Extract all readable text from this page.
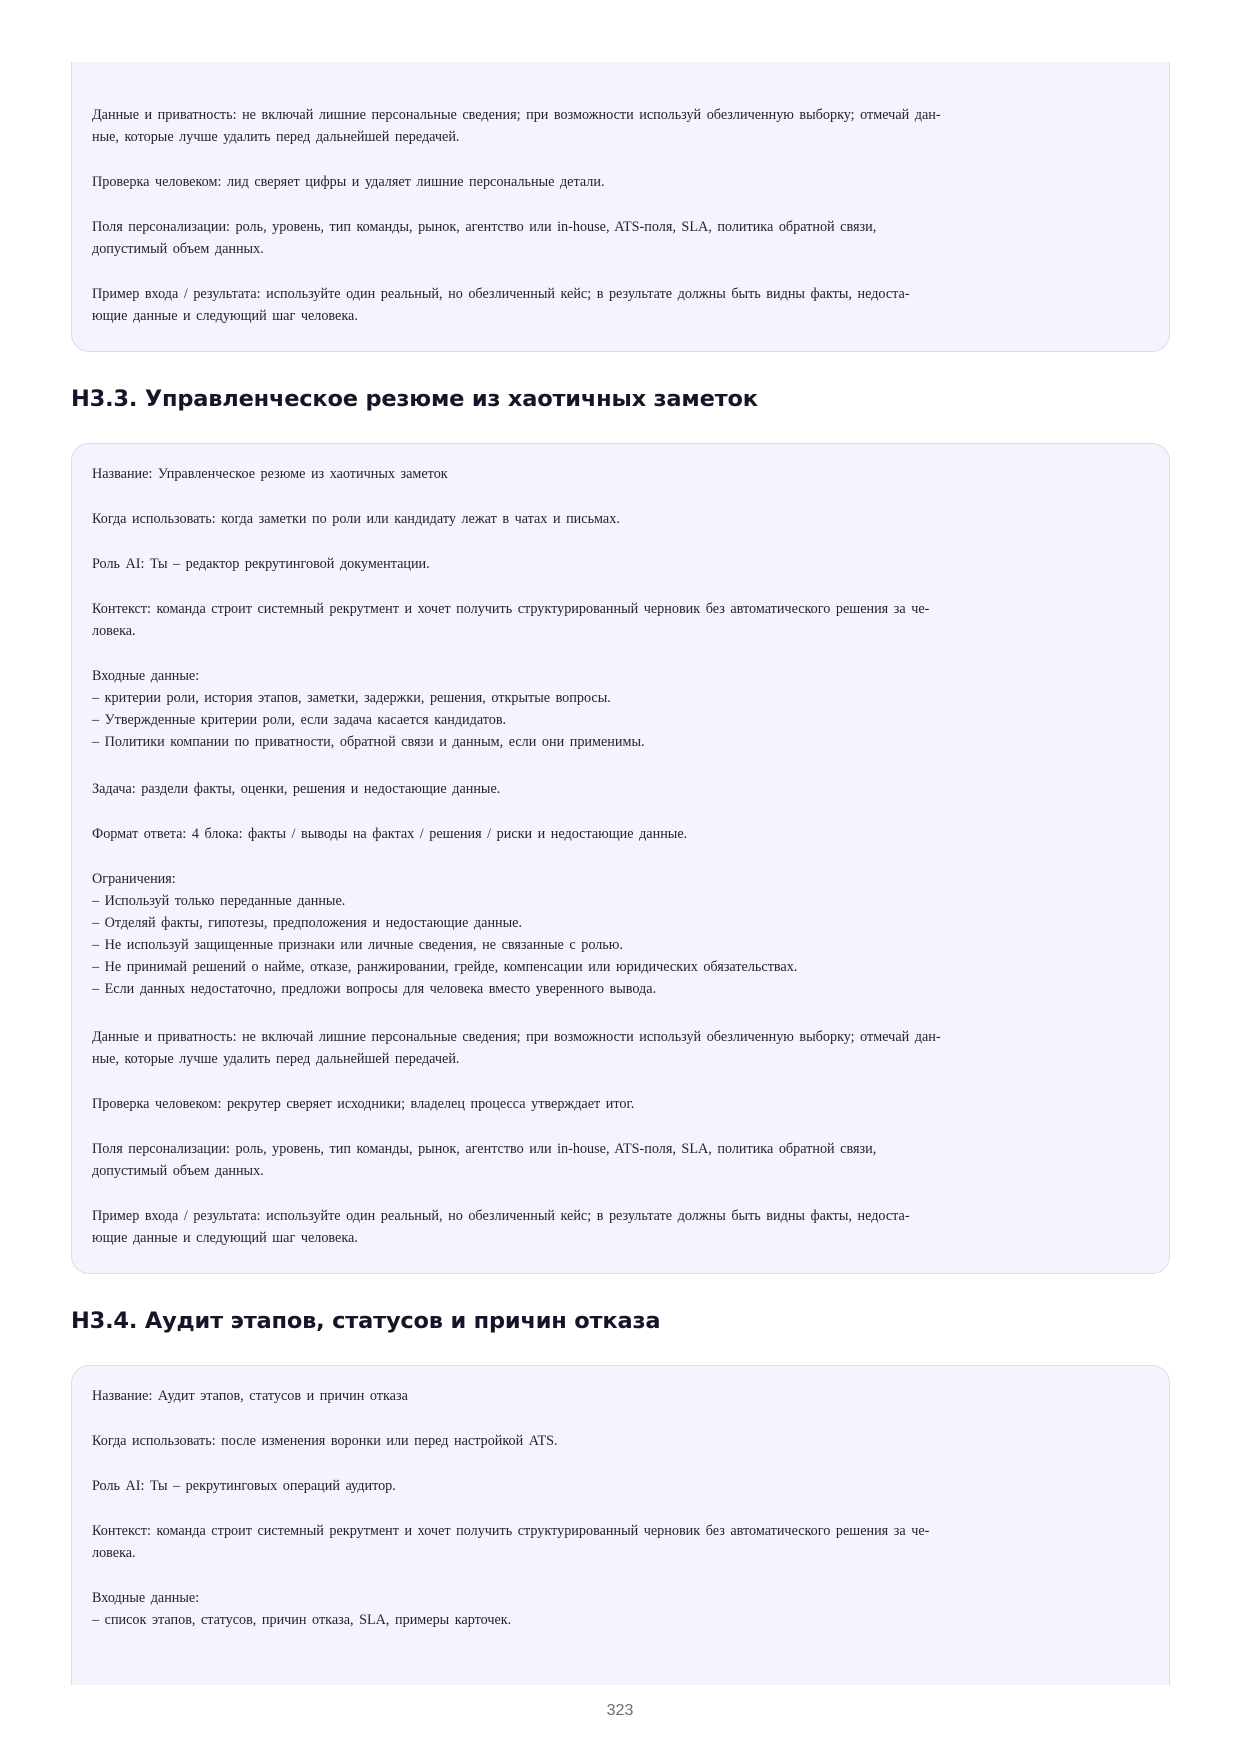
Данные и приватность: не включай лишние персональные сведения; при возможности используй обезличенную выборку; отмечай дан-
ные, которые лучше удалить перед дальнейшей передачей.

Проверка человеком: лид сверяет цифры и удаляет лишние персональные детали.

Поля персонализации: роль, уровень, тип команды, рынок, агентство или in-house, ATS-поля, SLA, политика обратной связи,
допустимый объем данных.

Пример входа / результата: используйте один реальный, но обезличенный кейс; в результате должны быть видны факты, недоста-
ющие данные и следующий шаг человека.

Н3.3. Управленческое резюме из хаотичных заметок

Название: Управленческое резюме из хаотичных заметок

Когда использовать: когда заметки по роли или кандидату лежат в чатах и письмах.

Роль AI: Ты – редактор рекрутинговой документации.

Контекст: команда строит системный рекрутмент и хочет получить структурированный черновик без автоматического решения за че-
ловека.

Входные данные:
– критерии роли, история этапов, заметки, задержки, решения, открытые вопросы.
– Утвержденные критерии роли, если задача касается кандидатов.
– Политики компании по приватности, обратной связи и данным, если они применимы.

Задача: раздели факты, оценки, решения и недостающие данные.

Формат ответа: 4 блока: факты / выводы на фактах / решения / риски и недостающие данные.

Ограничения:
– Используй только переданные данные.
– Отделяй факты, гипотезы, предположения и недостающие данные.
– Не используй защищенные признаки или личные сведения, не связанные с ролью.
– Не принимай решений о найме, отказе, ранжировании, грейде, компенсации или юридических обязательствах.
– Если данных недостаточно, предложи вопросы для человека вместо уверенного вывода.

Данные и приватность: не включай лишние персональные сведения; при возможности используй обезличенную выборку; отмечай дан-
ные, которые лучше удалить перед дальнейшей передачей.

Проверка человеком: рекрутер сверяет исходники; владелец процесса утверждает итог.

Поля персонализации: роль, уровень, тип команды, рынок, агентство или in-house, ATS-поля, SLA, политика обратной связи,
допустимый объем данных.

Пример входа / результата: используйте один реальный, но обезличенный кейс; в результате должны быть видны факты, недоста-
ющие данные и следующий шаг человека.

Н3.4. Аудит этапов, статусов и причин отказа

Название: Аудит этапов, статусов и причин отказа

Когда использовать: после изменения воронки или перед настройкой ATS.

Роль AI: Ты – рекрутинговых операций аудитор.

Контекст: команда строит системный рекрутмент и хочет получить структурированный черновик без автоматического решения за че-
ловека.

Входные данные:
– список этапов, статусов, причин отказа, SLA, примеры карточек.

323
